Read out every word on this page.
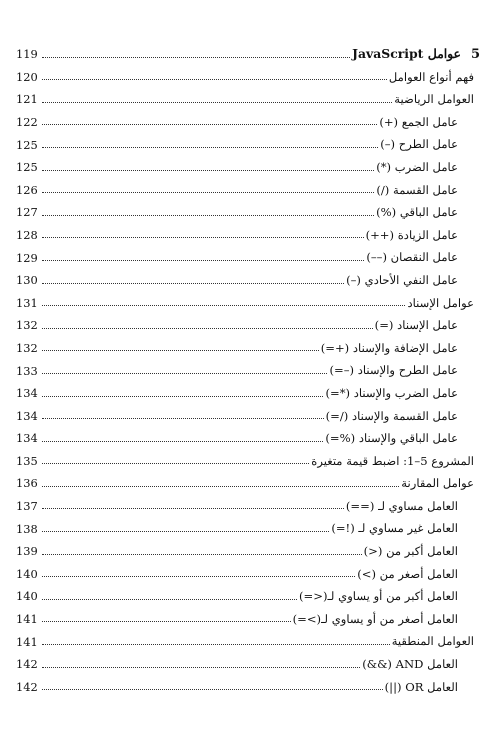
5
عوامل JavaScript
119
فهم أنواع العوامل
120
العوامل الرياضية
121
عامل الجمع (+)
122
عامل الطرح (–)
125
عامل الضرب (*)
125
عامل القسمة (/)
126
عامل الباقي (%)
127
عامل الزيادة (++)
128
عامل النقصان (––)
129
عامل النفي الأحادي (–)
130
عوامل الإسناد
131
عامل الإسناد (=)
132
عامل الإضافة والإسناد (+=)
132
عامل الطرح والإسناد (–=)
133
عامل الضرب والإسناد (*=)
134
عامل القسمة والإسناد (/=)
134
عامل الباقي والإسناد (%=)
134
المشروع 5–1: اضبط قيمة متغيرة
135
عوامل المقارنة
136
العامل مساوي لـ (==)
137
العامل غير مساوي لـ (!=)
138
العامل أكبر من (<)
139
العامل أصغر من (>)
140
العامل أكبر من أو يساوي لـ(<=)
140
العامل أصغر من أو يساوي لـ(>=)
141
العوامل المنطقية
141
العامل AND (&&)
142
العامل OR (||)
142
